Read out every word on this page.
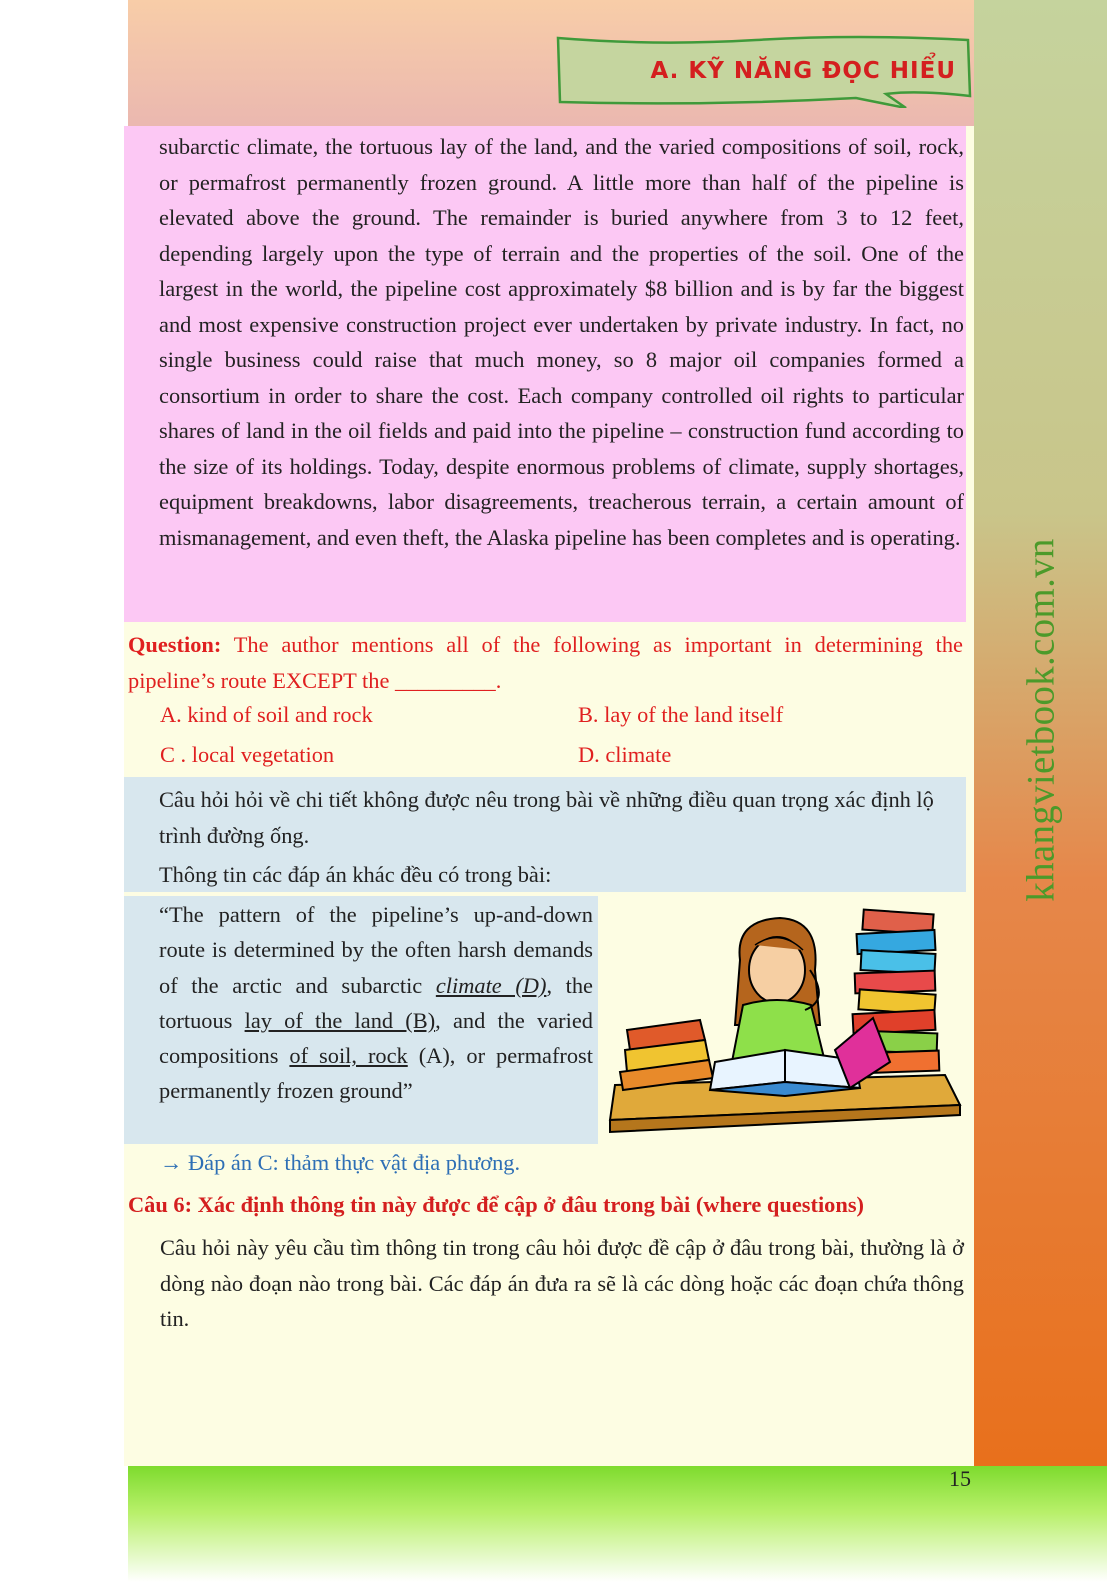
khangvietbook.com.vn
A. KỸ NĂNG ĐỌC HIỂU

subarctic climate, the tortuous lay of the land, and the varied compositions of soil, rock, or permafrost permanently frozen ground. A little more than half of the pipeline is elevated above the ground. The remainder is buried anywhere from 3 to 12 feet, depending largely upon the type of terrain and the properties of the soil. One of the largest in the world, the pipeline cost approximately $8 billion and is by far the biggest and most expensive construction project ever undertaken by private industry. In fact, no single business could raise that much money, so 8 major oil companies formed a consortium in order to share the cost. Each company controlled oil rights to particular shares of land in the oil fields and paid into the pipeline – construction fund according to the size of its holdings. Today, despite enormous problems of climate, supply shortages, equipment breakdowns, labor disagreements, treacherous terrain, a certain amount of mismanagement, and even theft, the Alaska pipeline has been completes and is operating.

Question: The author mentions all of the following as important in determining the pipeline’s route EXCEPT the _________.
A. kind of soil and rock	B. lay of the land itself
C . local vegetation	D. climate

Câu hỏi hỏi về chi tiết không được nêu trong bài về những điều quan trọng xác định lộ trình đường ống.

Thông tin các đáp án khác đều có trong bài:

“The pattern of the pipeline’s up-and-down route is determined by the often harsh demands of the arctic and subarctic climate (D), the tortuous lay of the land (B), and the varied compositions of soil, rock (A), or permafrost permanently frozen ground”

→ Đáp án C: thảm thực vật địa phương.
Câu 6: Xác định thông tin này được để cập ở đâu trong bài (where questions)

Câu hỏi này yêu cầu tìm thông tin trong câu hỏi được đề cập ở đâu trong bài, thường là ở dòng nào đoạn nào trong bài. Các đáp án đưa ra sẽ là các dòng hoặc các đoạn chứa thông tin.

15
